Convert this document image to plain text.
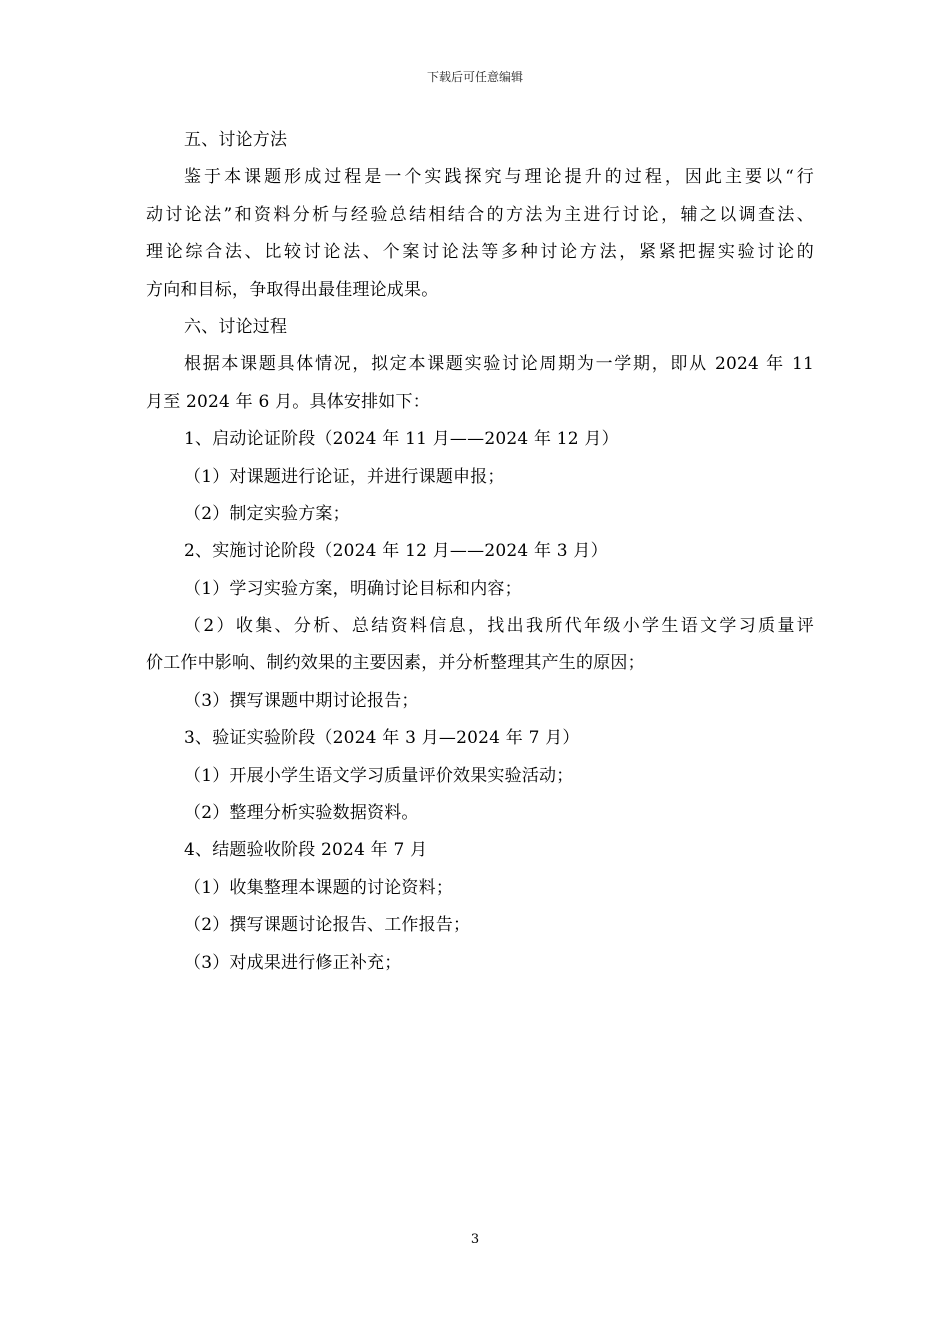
下载后可任意编辑
五、讨论方法
鉴于本课题形成过程是一个实践探究与理论提升的过程，因此主要以“行
动讨论法”和资料分析与经验总结相结合的方法为主进行讨论，辅之以调查法、
理论综合法、比较讨论法、个案讨论法等多种讨论方法，紧紧把握实验讨论的
方向和目标，争取得出最佳理论成果。
六、讨论过程
根据本课题具体情况，拟定本课题实验讨论周期为一学期，即从 2024 年 11
月至 2024 年 6 月。具体安排如下：
1、启动论证阶段（2024 年 11 月——2024 年 12 月）
（1）对课题进行论证，并进行课题申报；
（2）制定实验方案；
2、实施讨论阶段（2024 年 12 月——2024 年 3 月）
（1）学习实验方案，明确讨论目标和内容；
（2）收集、分析、总结资料信息，找出我所代年级小学生语文学习质量评
价工作中影响、制约效果的主要因素，并分析整理其产生的原因；
（3）撰写课题中期讨论报告；
3、验证实验阶段（2024 年 3 月—2024 年 7 月）
（1）开展小学生语文学习质量评价效果实验活动；
（2）整理分析实验数据资料。
4、结题验收阶段 2024 年 7 月
（1）收集整理本课题的讨论资料；
（2）撰写课题讨论报告、工作报告；
（3）对成果进行修正补充；
3
